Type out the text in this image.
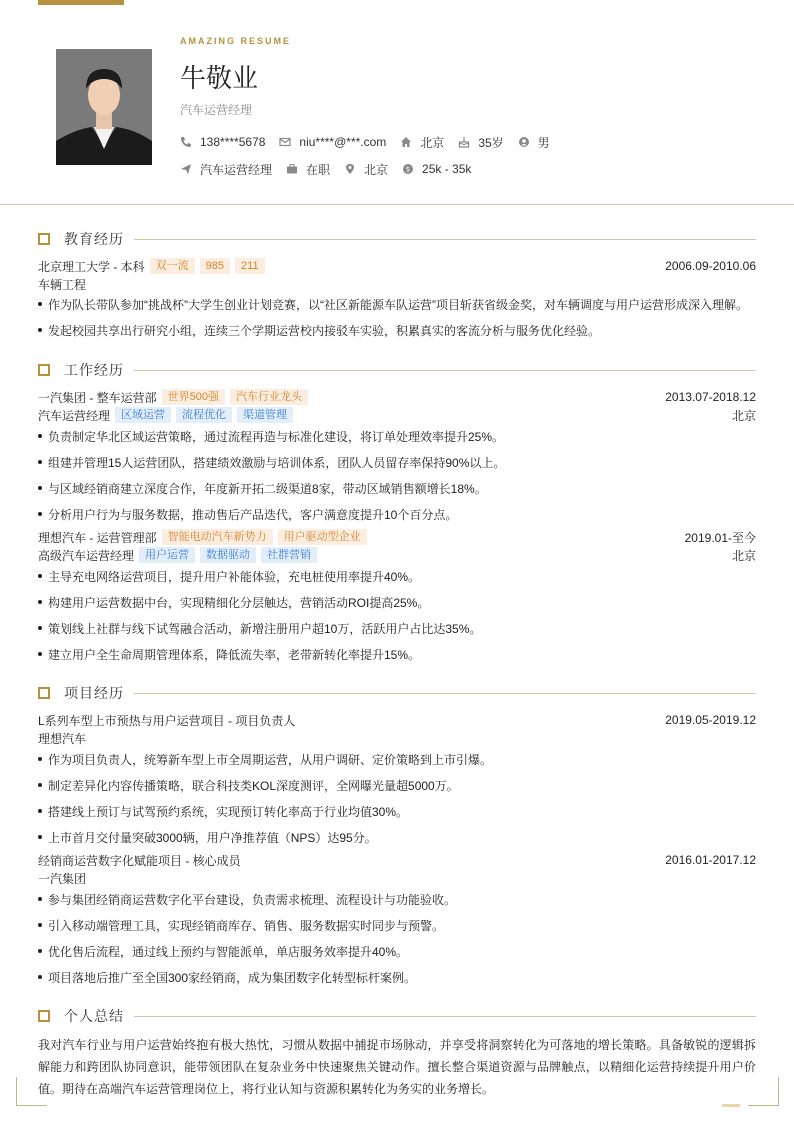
AMAZING RESUME
牛敬业
汽车运营经理
138****5678	niu****@***.com	北京	35岁	男
汽车运营经理	在职	北京	$ 25k - 35k
教育经历
北京理工大学 - 本科	双一流	985	211	2006.09-2010.06
车辆工程
作为队长带队参加“挑战杯”大学生创业计划竞赛，以“社区新能源车队运营”项目斩获省级金奖，对车辆调度与用户运营形成深入理解。
发起校园共享出行研究小组，连续三个学期运营校内接驳车实验，积累真实的客流分析与服务优化经验。
工作经历
一汽集团 - 整车运营部	世界500强	汽车行业龙头	2013.07-2018.12
汽车运营经理	区域运营	流程优化	渠道管理	北京
负责制定华北区域运营策略，通过流程再造与标准化建设，将订单处理效率提升25%。
组建并管理15人运营团队，搭建绩效激励与培训体系，团队人员留存率保持90%以上。
与区域经销商建立深度合作，年度新开拓二级渠道8家，带动区域销售额增长18%。
分析用户行为与服务数据，推动售后产品迭代，客户满意度提升10个百分点。
理想汽车 - 运营管理部	智能电动汽车新势力	用户驱动型企业	2019.01-至今
高级汽车运营经理	用户运营	数据驱动	社群营销	北京
主导充电网络运营项目，提升用户补能体验，充电桩使用率提升40%。
构建用户运营数据中台，实现精细化分层触达，营销活动ROI提高25%。
策划线上社群与线下试驾融合活动，新增注册用户超10万，活跃用户占比达35%。
建立用户全生命周期管理体系，降低流失率，老带新转化率提升15%。
项目经历
L系列车型上市预热与用户运营项目 - 项目负责人	2019.05-2019.12
理想汽车
作为项目负责人，统筹新车型上市全周期运营，从用户调研、定价策略到上市引爆。
制定差异化内容传播策略，联合科技类KOL深度测评，全网曝光量超5000万。
搭建线上预订与试驾预约系统，实现预订转化率高于行业均值30%。
上市首月交付量突破3000辆，用户净推荐值（NPS）达95分。
经销商运营数字化赋能项目 - 核心成员	2016.01-2017.12
一汽集团
参与集团经销商运营数字化平台建设，负责需求梳理、流程设计与功能验收。
引入移动端管理工具，实现经销商库存、销售、服务数据实时同步与预警。
优化售后流程，通过线上预约与智能派单，单店服务效率提升40%。
项目落地后推广至全国300家经销商，成为集团数字化转型标杆案例。
个人总结
我对汽车行业与用户运营始终抱有极大热忱，习惯从数据中捕捉市场脉动，并享受将洞察转化为可落地的增长策略。具备敏锐的逻辑拆解能力和跨团队协同意识，能带领团队在复杂业务中快速聚焦关键动作。擅长整合渠道资源与品牌触点，以精细化运营持续提升用户价值。期待在高端汽车运营管理岗位上，将行业认知与资源积累转化为务实的业务增长。
